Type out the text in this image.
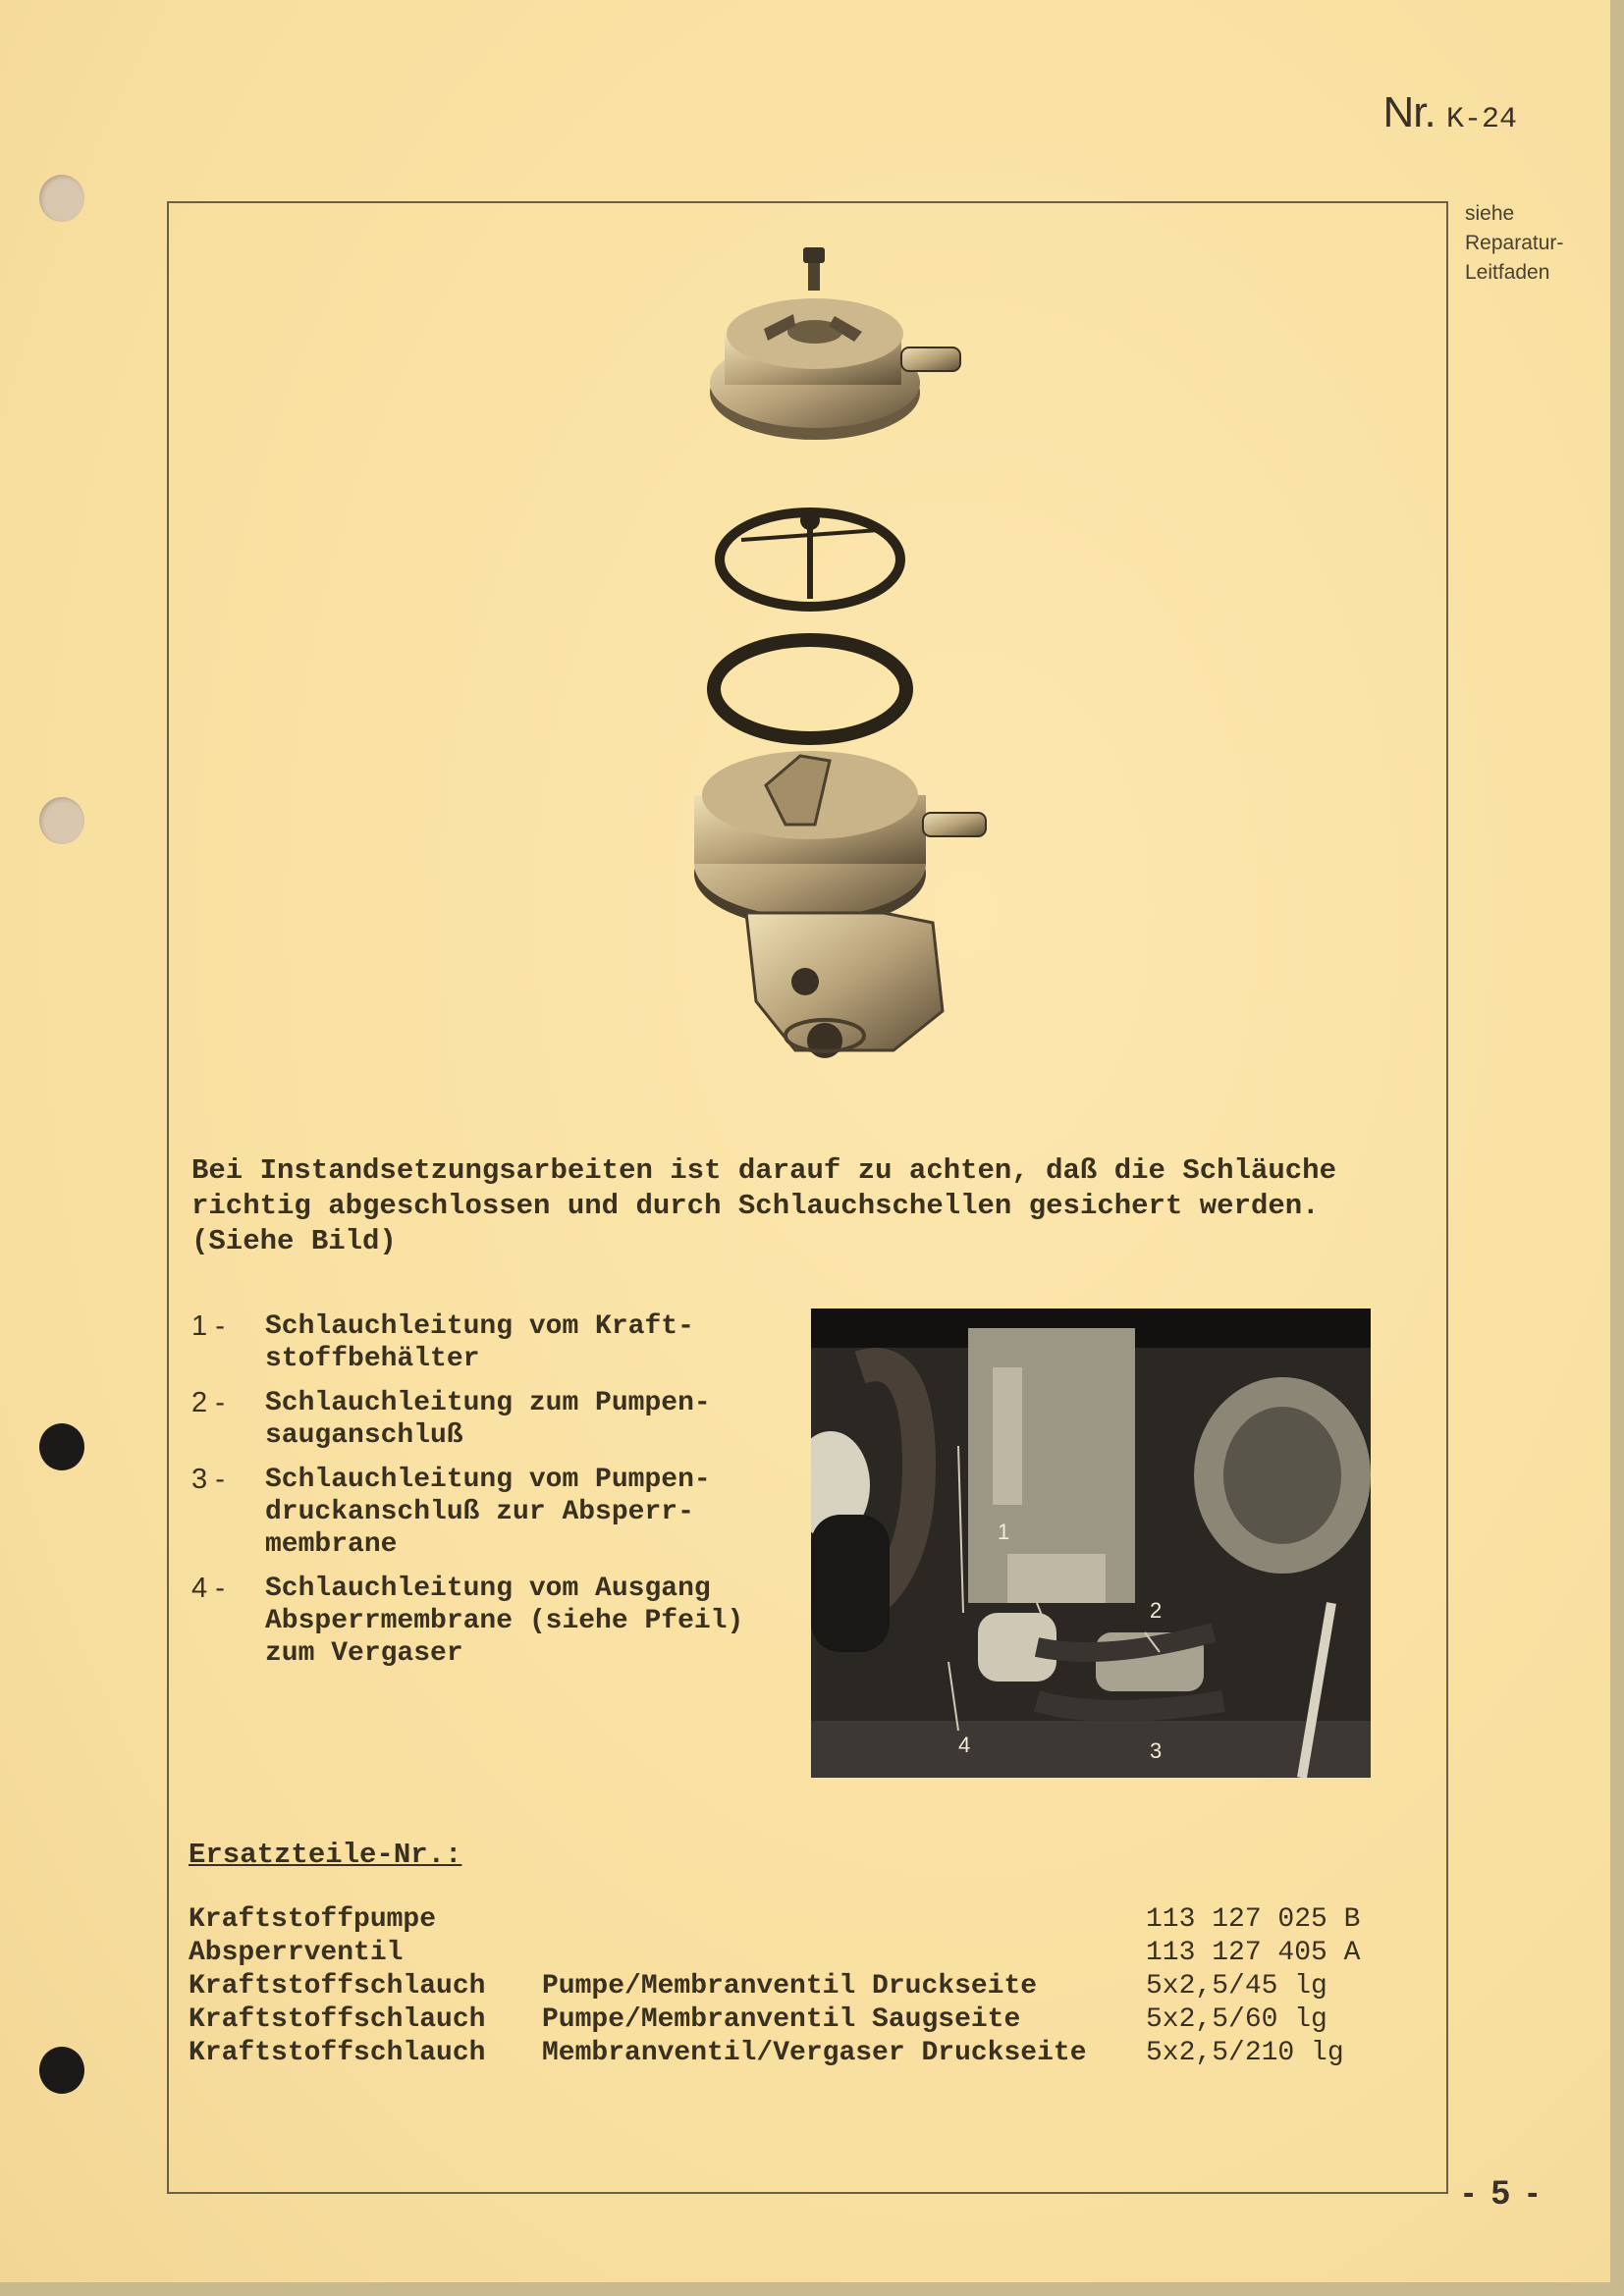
Nr. K-24
siehe
Reparatur-
Leitfaden
Bei Instandsetzungsarbeiten ist darauf zu achten, daß die Schläuche richtig abgeschlossen und durch Schlauchschellen gesichert werden. (Siehe Bild)
1 -	Schlauchleitung vom Kraft- stoffbehälter
2 -	Schlauchleitung zum Pumpen- sauganschluß
3 -	Schlauchleitung vom Pumpen- druckanschluß zur Absperr- membrane
4 -	Schlauchleitung vom Ausgang Absperrmembrane (siehe Pfeil) zum Vergaser
1
2
3
4
Ersatzteile-Nr.:
Kraftstoffpumpe	113 127 025 B
Absperrventil	113 127 405 A
Kraftstoffschlauch Pumpe/Membranventil Druckseite	5x2,5/45 lg
Kraftstoffschlauch Pumpe/Membranventil Saugseite	5x2,5/60 lg
Kraftstoffschlauch Membranventil/Vergaser Druckseite 5x2,5/210 lg
- 5 -
